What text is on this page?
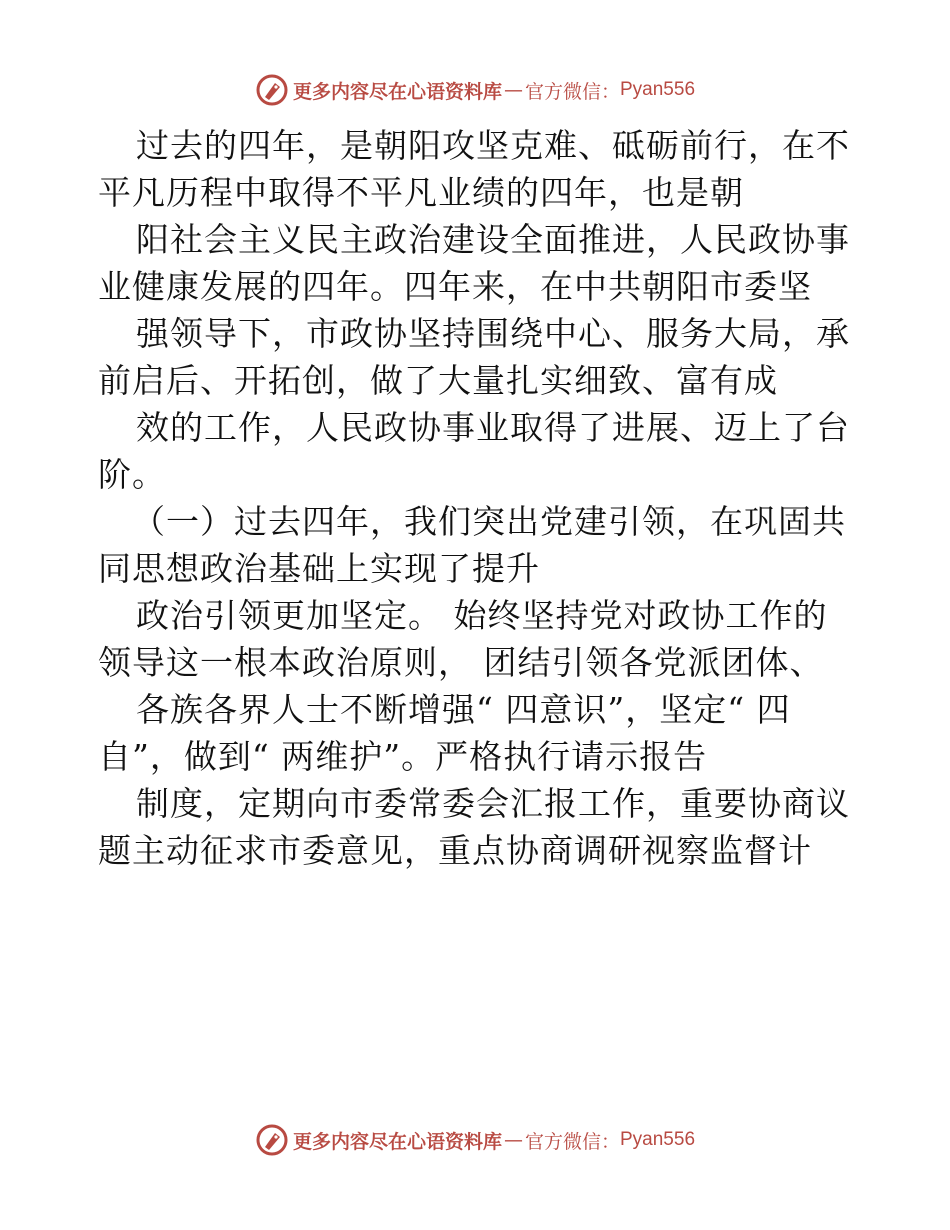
更多内容尽在心语资料库 — 官方微信： Pyan556
过去的四年，是朝阳攻坚克难、砥砺前行，在不
平凡历程中取得不平凡业绩的四年，也是朝
阳社会主义民主政治建设全面推进，人民政协事
业健康发展的四年。四年来，在中共朝阳市委坚
强领导下，市政协坚持围绕中心、服务大局，承
前启后、开拓创，做了大量扎实细致、富有成
效的工作，人民政协事业取得了进展、迈上了台
阶。
（一）过去四年，我们突出党建引领，在巩固共
同思想政治基础上实现了提升
政治引领更加坚定。 始终坚持党对政协工作的
领导这一根本政治原则， 团结引领各党派团体、
各族各界人士不断增强“ 四意识”，坚定“ 四
自”，做到“ 两维护”。严格执行请示报告
制度，定期向市委常委会汇报工作，重要协商议
题主动征求市委意见，重点协商调研视察监督计
更多内容尽在心语资料库 — 官方微信： Pyan556
